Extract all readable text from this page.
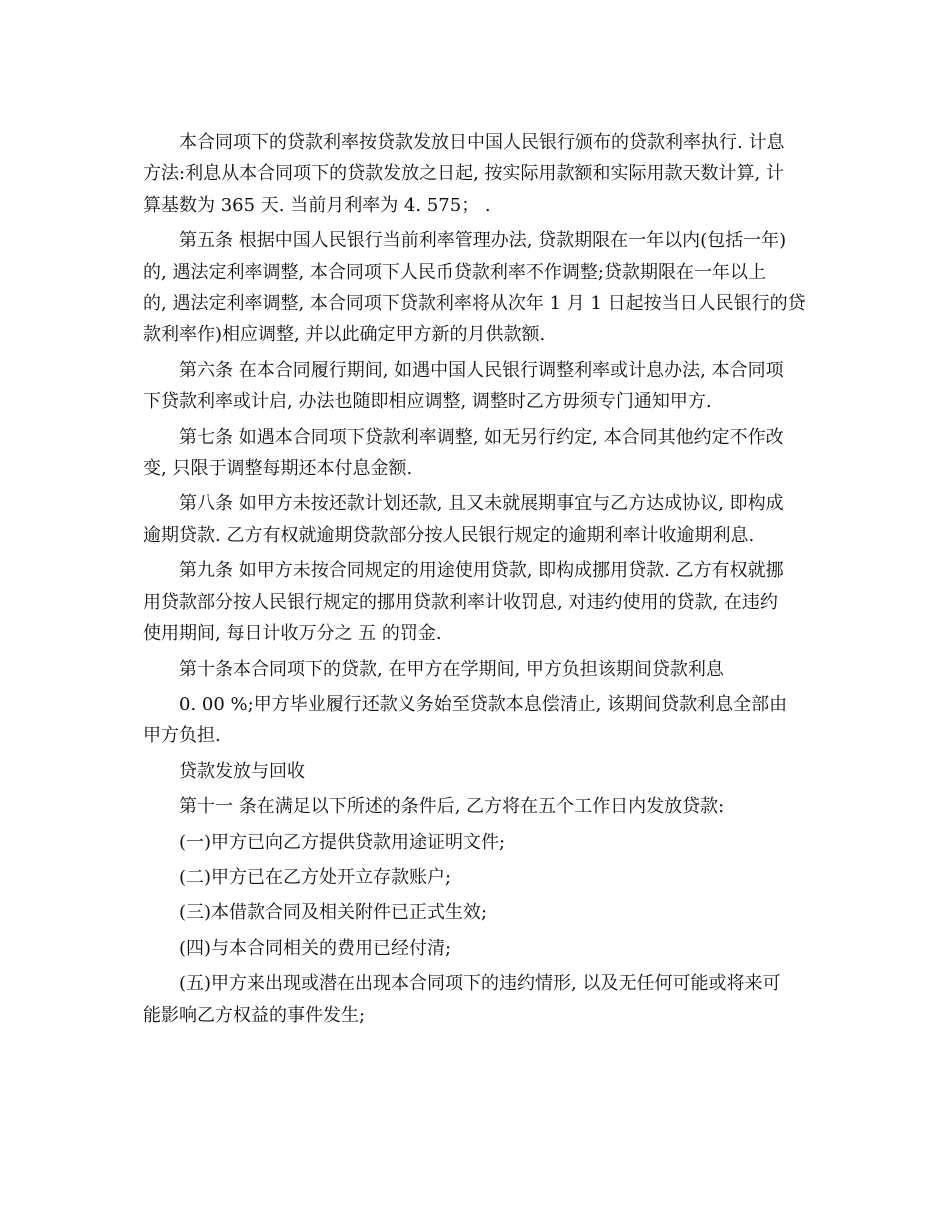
本合同项下的贷款利率按贷款发放日中国人民银行颁布的贷款利率执行. 计息
方法:利息从本合同项下的贷款发放之日起, 按实际用款额和实际用款天数计算, 计
算基数为 365 天. 当前月利率为 4. 575； .

第五条 根据中国人民银行当前利率管理办法, 贷款期限在一年以内(包括一年)
的, 遇法定利率调整, 本合同项下人民币贷款利率不作调整;贷款期限在一年以上
的, 遇法定利率调整, 本合同项下贷款利率将从次年 1 月 1 日起按当日人民银行的贷
款利率作)相应调整, 并以此确定甲方新的月供款额.

第六条 在本合同履行期间, 如遇中国人民银行调整利率或计息办法, 本合同项
下贷款利率或计启, 办法也随即相应调整, 调整时乙方毋须专门通知甲方.

第七条 如遇本合同项下贷款利率调整, 如无另行约定, 本合同其他约定不作改
变, 只限于调整每期还本付息金额.

第八条 如甲方未按还款计划还款, 且又未就展期事宜与乙方达成协议, 即构成
逾期贷款. 乙方有权就逾期贷款部分按人民银行规定的逾期利率计收逾期利息.

第九条 如甲方未按合同规定的用途使用贷款, 即构成挪用贷款. 乙方有权就挪
用贷款部分按人民银行规定的挪用贷款利率计收罚息, 对违约使用的贷款, 在违约
使用期间, 每日计收万分之 五 的罚金.

第十条本合同项下的贷款, 在甲方在学期间, 甲方负担该期间贷款利息

0. 00 %;甲方毕业履行还款义务始至贷款本息偿清止, 该期间贷款利息全部由
甲方负担.

贷款发放与回收

第十一 条在满足以下所述的条件后, 乙方将在五个工作日内发放贷款:

(一)甲方已向乙方提供贷款用途证明文件;
(二)甲方已在乙方处开立存款账户;
(三)本借款合同及相关附件已正式生效;
(四)与本合同相关的费用已经付清;

(五)甲方来出现或潜在出现本合同项下的违约情形, 以及无任何可能或将来可
能影响乙方权益的事件发生;
